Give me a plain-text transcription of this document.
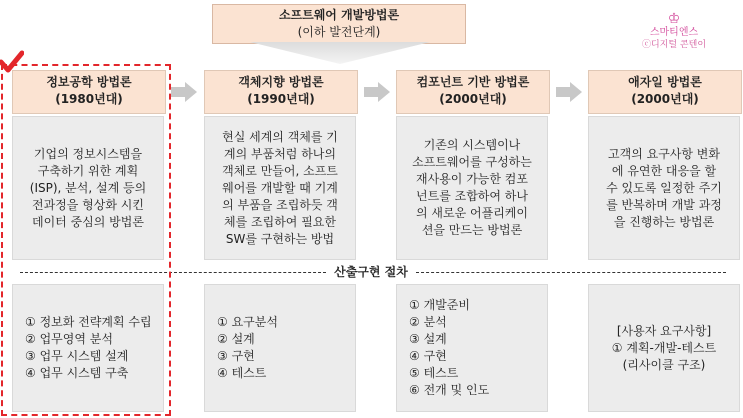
소프트웨어 개발방법론
(이하 발전단계)
♔
스마티엔스
ⓒ디지털 콘텐이
정보공학 방법론
(1980년대)
객체지향 방법론
(1990년대)
컴포넌트 기반 방법론
(2000년대)
애자일 방법론
(2000년대)
기업의 정보시스템을
구축하기 위한 계획
(ISP), 분석, 설계 등의
전과정을 형상화 시킨
데이터 중심의 방법론
현실 세계의 객체를 기
계의 부품처럼 하나의
객체로 만들어, 소프트
웨어를 개발할 때 기계
의 부품을 조립하듯 객
체를 조립하여 필요한
SW를 구현하는 방법
기존의 시스템이나
소프트웨어를 구성하는
재사용이 가능한 컴포
넌트를 조합하여 하나
의 새로운 어플리케이
션을 만드는 방법론
고객의 요구사항 변화
에 유연한 대응을 할
수 있도록 일정한 주기
를 반복하며 개발 과정
을 진행하는 방법론
산출구현 절차
① 정보화 전략계획 수립
② 업무영역 분석
③ 업무 시스템 설계
④ 업무 시스템 구축
① 요구분석
② 설계
③ 구현
④ 테스트
① 개발준비
② 분석
③ 설계
④ 구현
⑤ 테스트
⑥ 전개 및 인도
[사용자 요구사항]
① 계획-개발-테스트
(리사이클 구조)
